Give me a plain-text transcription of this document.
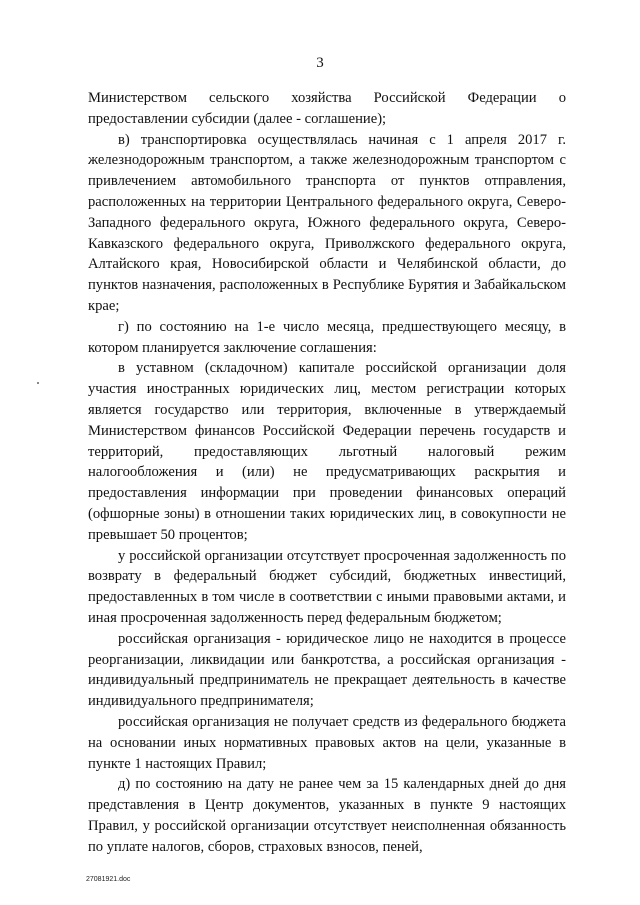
3

Министерством сельского хозяйства Российской Федерации о предоставлении субсидии (далее - соглашение);

в) транспортировка осуществлялась начиная с 1 апреля 2017 г. железнодорожным транспортом, а также железнодорожным транспортом с привлечением автомобильного транспорта от пунктов отправления, расположенных на территории Центрального федерального округа, Северо-Западного федерального округа, Южного федерального округа, Северо-Кавказского федерального округа, Приволжского федерального округа, Алтайского края, Новосибирской области и Челябинской области, до пунктов назначения, расположенных в Республике Бурятия и Забайкальском крае;

г) по состоянию на 1-е число месяца, предшествующего месяцу, в котором планируется заключение соглашения:

в уставном (складочном) капитале российской организации доля участия иностранных юридических лиц, местом регистрации которых является государство или территория, включенные в утверждаемый Министерством финансов Российской Федерации перечень государств и территорий, предоставляющих льготный налоговый режим налогообложения и (или) не предусматривающих раскрытия и предоставления информации при проведении финансовых операций (офшорные зоны) в отношении таких юридических лиц, в совокупности не превышает 50 процентов;

у российской организации отсутствует просроченная задолженность по возврату в федеральный бюджет субсидий, бюджетных инвестиций, предоставленных в том числе в соответствии с иными правовыми актами, и иная просроченная задолженность перед федеральным бюджетом;

российская организация - юридическое лицо не находится в процессе реорганизации, ликвидации или банкротства, а российская организация - индивидуальный предприниматель не прекращает деятельность в качестве индивидуального предпринимателя;

российская организация не получает средств из федерального бюджета на основании иных нормативных правовых актов на цели, указанные в пункте 1 настоящих Правил;

д) по состоянию на дату не ранее чем за 15 календарных дней до дня представления в Центр документов, указанных в пункте 9 настоящих Правил, у российской организации отсутствует неисполненная обязанность по уплате налогов, сборов, страховых взносов, пеней,

27081921.doc
